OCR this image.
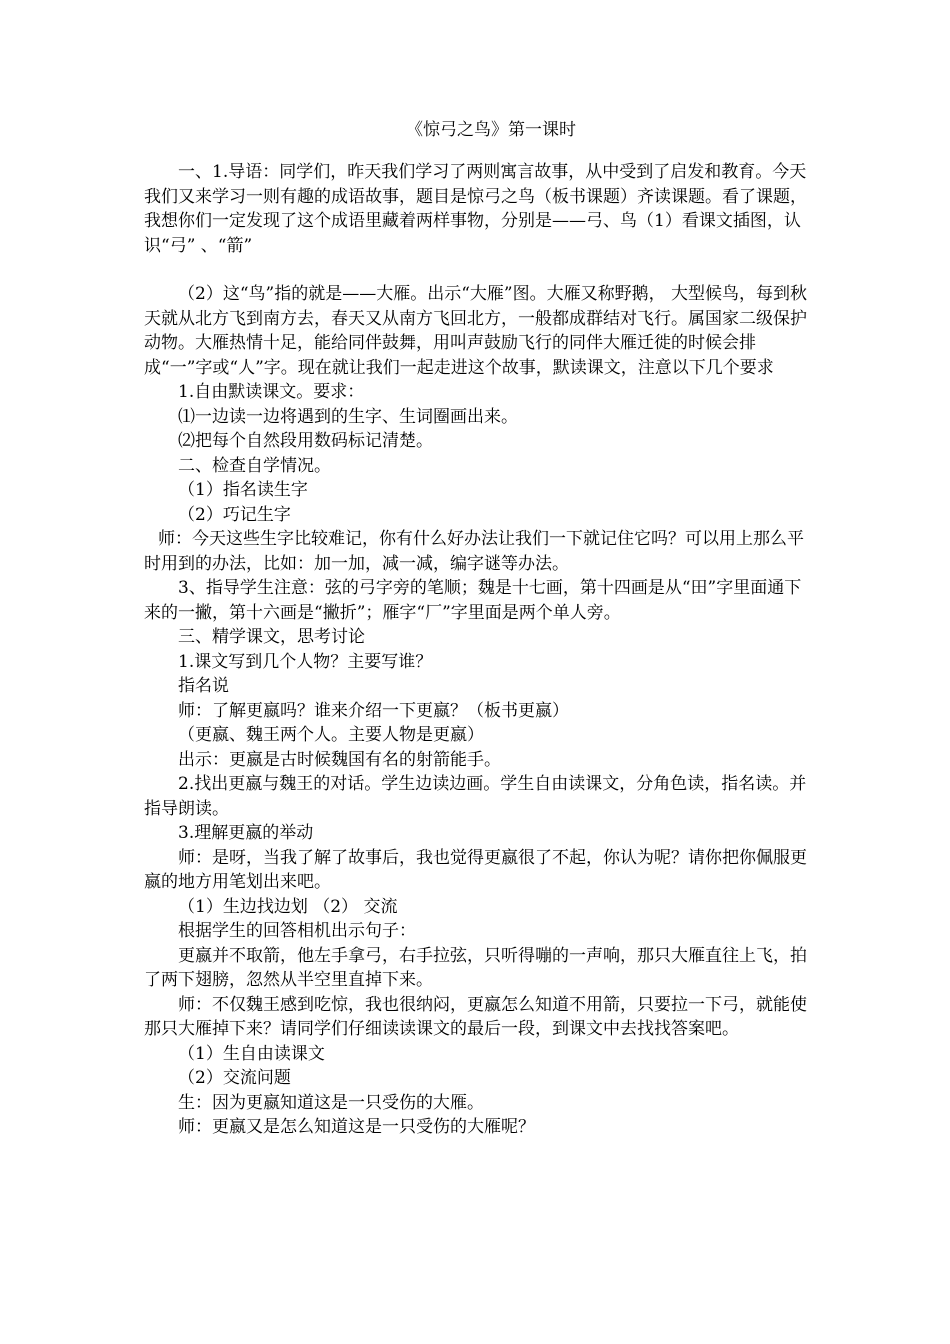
《惊弓之鸟》第一课时

一、1.导语：同学们，昨天我们学习了两则寓言故事，从中受到了启发和教育。今天我们又来学习一则有趣的成语故事，题目是惊弓之鸟（板书课题）齐读课题。看了课题，我想你们一定发现了这个成语里藏着两样事物，分别是——弓、鸟（1）看课文插图，认识“弓” 、“箭”

（2）这“鸟”指的就是——大雁。出示“大雁”图。大雁又称野鹅， 大型候鸟，每到秋天就从北方飞到南方去，春天又从南方飞回北方，一般都成群结对飞行。属国家二级保护动物。大雁热情十足，能给同伴鼓舞，用叫声鼓励飞行的同伴大雁迁徙的时候会排成“一”字或“人”字。现在就让我们一起走进这个故事，默读课文，注意以下几个要求

1.自由默读课文。要求：

⑴一边读一边将遇到的生字、生词圈画出来。

⑵把每个自然段用数码标记清楚。

二、检查自学情况。

（1）指名读生字

（2）巧记生字

师：今天这些生字比较难记，你有什么好办法让我们一下就记住它吗？可以用上那么平时用到的办法，比如：加一加，减一减，编字谜等办法。

3、指导学生注意：弦的弓字旁的笔顺；魏是十七画，第十四画是从“田”字里面通下来的一撇，第十六画是“撇折”；雁字“厂”字里面是两个单人旁。

三、精学课文，思考讨论

1.课文写到几个人物？主要写谁？

指名说

师：了解更嬴吗？谁来介绍一下更嬴？（板书更嬴）

（更嬴、魏王两个人。主要人物是更嬴）

出示：更嬴是古时候魏国有名的射箭能手。

2.找出更嬴与魏王的对话。学生边读边画。学生自由读课文，分角色读，指名读。并指导朗读。

3.理解更嬴的举动

师：是呀，当我了解了故事后，我也觉得更嬴很了不起，你认为呢？请你把你佩服更嬴的地方用笔划出来吧。

（1）生边找边划 （2） 交流

根据学生的回答相机出示句子：

更嬴并不取箭，他左手拿弓，右手拉弦，只听得嘣的一声响，那只大雁直往上飞，拍了两下翅膀，忽然从半空里直掉下来。

师：不仅魏王感到吃惊，我也很纳闷，更嬴怎么知道不用箭，只要拉一下弓，就能使那只大雁掉下来？请同学们仔细读读课文的最后一段，到课文中去找找答案吧。

（1）生自由读课文

（2）交流问题

生：因为更嬴知道这是一只受伤的大雁。

师：更嬴又是怎么知道这是一只受伤的大雁呢？
